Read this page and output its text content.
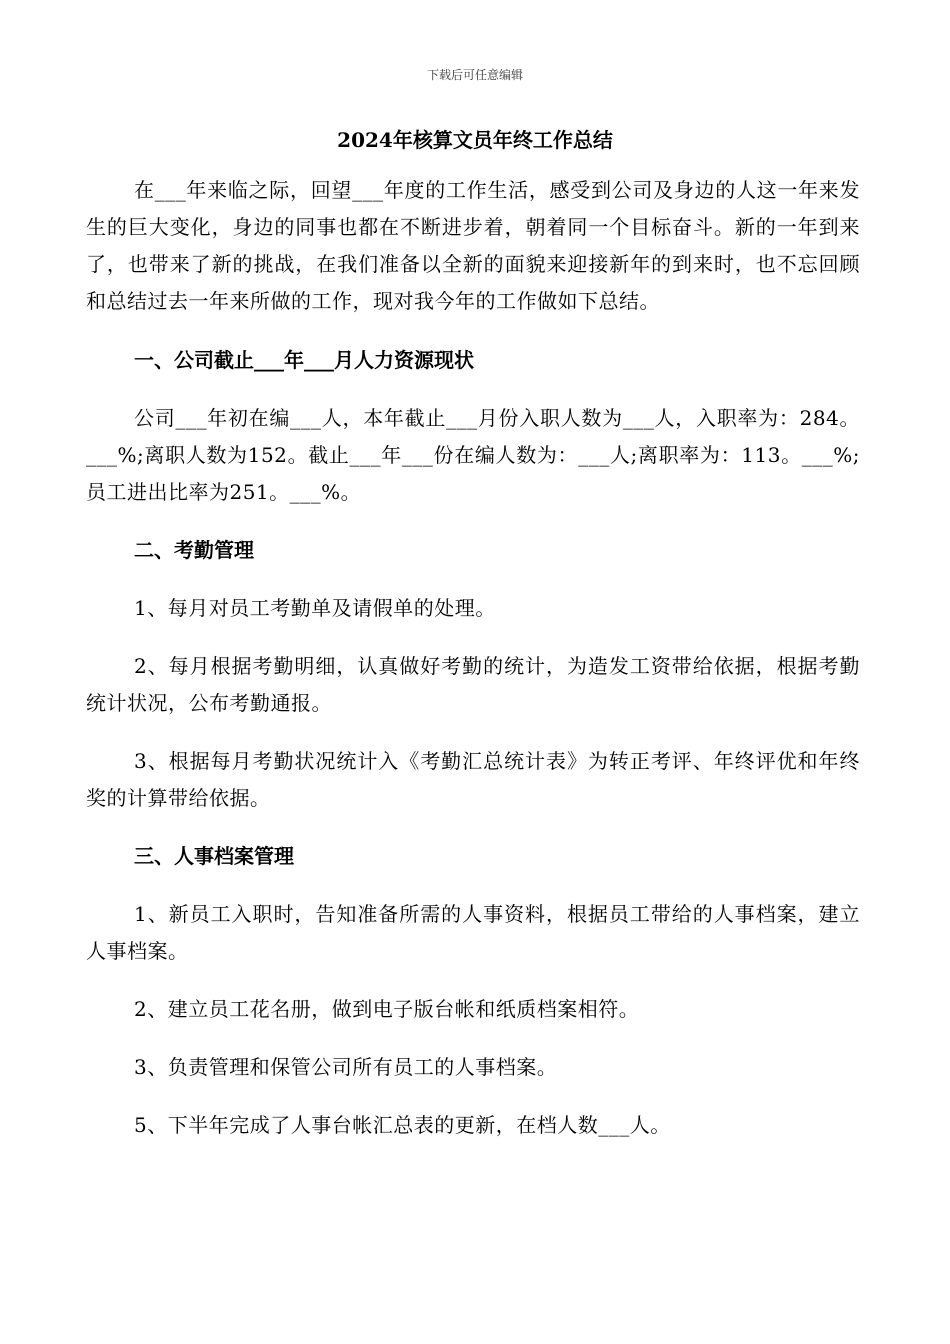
下载后可任意编辑
2024年核算文员年终工作总结

在___年来临之际，回望___年度的工作生活，感受到公司及身边的人这一年来发生的巨大变化，身边的同事也都在不断进步着，朝着同一个目标奋斗。新的一年到来了，也带来了新的挑战，在我们准备以全新的面貌来迎接新年的到来时，也不忘回顾和总结过去一年来所做的工作，现对我今年的工作做如下总结。

一、公司截止___年___月人力资源现状

公司___年初在编___人，本年截止___月份入职人数为___人，入职率为：284。___%;离职人数为152。截止___年___份在编人数为：___人;离职率为：113。___%;员工进出比率为251。___%。

二、考勤管理

1、每月对员工考勤单及请假单的处理。

2、每月根据考勤明细，认真做好考勤的统计，为造发工资带给依据，根据考勤统计状况，公布考勤通报。

3、根据每月考勤状况统计入《考勤汇总统计表》为转正考评、年终评优和年终奖的计算带给依据。

三、人事档案管理

1、新员工入职时，告知准备所需的人事资料，根据员工带给的人事档案，建立人事档案。

2、建立员工花名册，做到电子版台帐和纸质档案相符。

3、负责管理和保管公司所有员工的人事档案。

5、下半年完成了人事台帐汇总表的更新，在档人数___人。
